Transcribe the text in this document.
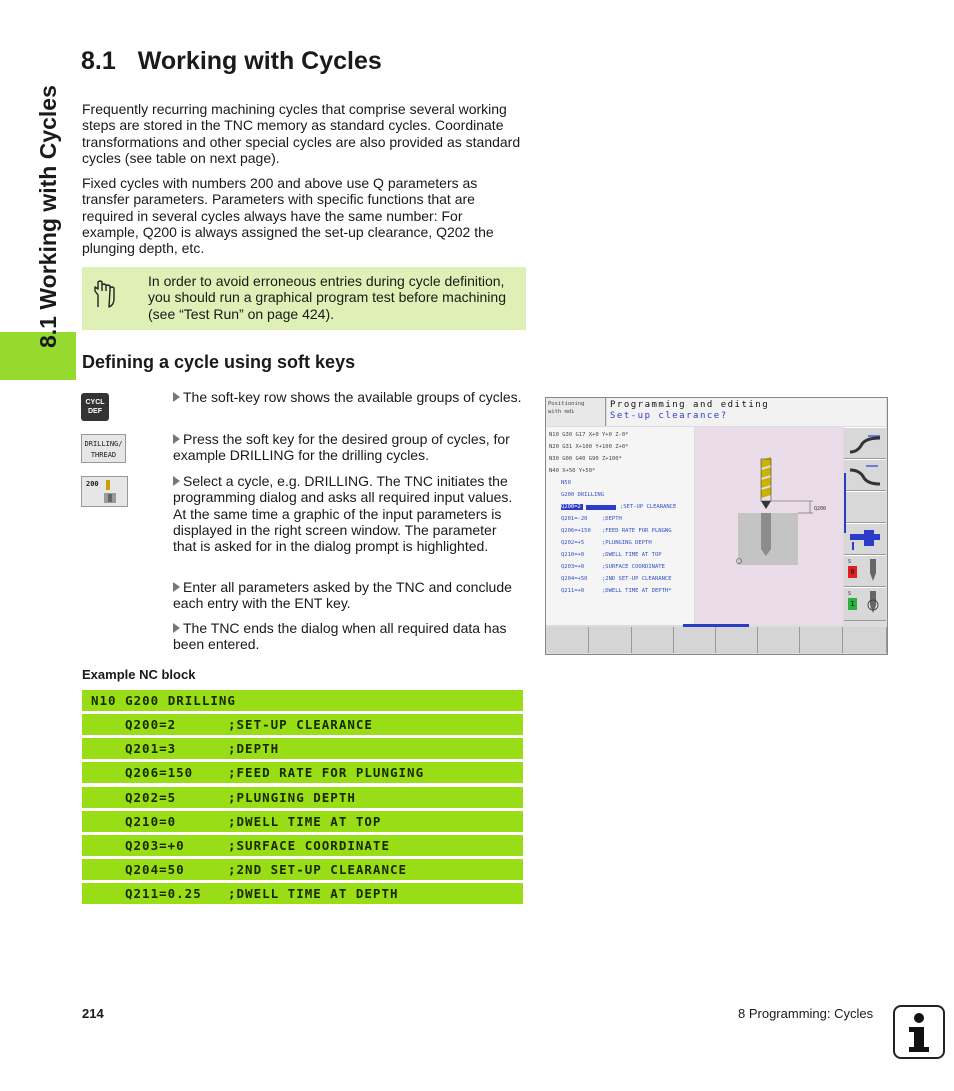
8.1 Working with Cycles
8.1 Working with Cycles

Frequently recurring machining cycles that comprise several working steps are stored in the TNC memory as standard cycles. Coordinate transformations and other special cycles are also provided as standard cycles (see table on next page).

Fixed cycles with numbers 200 and above use Q parameters as transfer parameters. Parameters with specific functions that are required in several cycles always have the same number: For example, Q200 is always assigned the set-up clearance, Q202 the plunging depth, etc.

In order to avoid erroneous entries during cycle definition, you should run a graphical program test before machining (see “Test Run” on page 424).

Defining a cycle using soft keys
CYCL
DEF
DRILLING/
THREAD
200
The soft-key row shows the available groups of cycles.
Press the soft key for the desired group of cycles, for example DRILLING for the drilling cycles.
Select a cycle, e.g. DRILLING. The TNC initiates the programming dialog and asks all required input values. At the same time a graphic of the input parameters is displayed in the right screen window. The parameter that is asked for in the dialog prompt is highlighted.
Enter all parameters asked by the TNC and conclude each entry with the ENT key.
The TNC ends the dialog when all required data has been entered.
Example NC block
N10 G200 DRILLING
Q200=2	;SET-UP CLEARANCE
Q201=3	;DEPTH
Q206=150	;FEED RATE FOR PLUNGING
Q202=5	;PLUNGING DEPTH
Q210=0	;DWELL TIME AT TOP
Q203=+0	;SURFACE COORDINATE
Q204=50	;2ND SET-UP CLEARANCE
Q211=0.25 ;DWELL TIME AT DEPTH
Positioning
with mdi
Programming and editing
Set-up clearance?
N10 G30 G17 X+0 Y+0 Z-0*
N20 G31 X+100 Y+100 Z+0*
N30 G00 G40 G90 Z+100*
N40 X+50 Y+50*
N50
G200 DRILLING
Q200=2	;SET-UP CLEARANCE
Q201=-20	;DEPTH
Q206=+150 ;FEED RATE FOR PLNGNG
Q202=+5	;PLUNGING DEPTH
Q210=+0	;DWELL TIME AT TOP
Q203=+0	;SURFACE COORDINATE
Q204=+50	;2ND SET-UP CLEARANCE
Q211=+0	;DWELL TIME AT DEPTH*
Q200
S
0
S
1
214	8 Programming: Cycles
